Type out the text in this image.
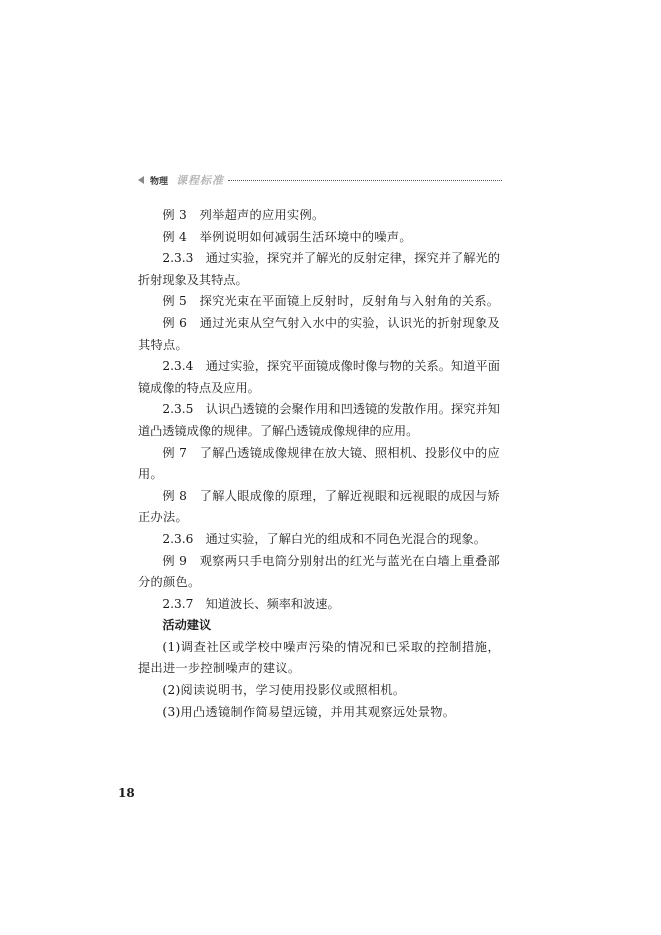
物理 课程标准

例 3　列举超声的应用实例。

例 4　举例说明如何减弱生活环境中的噪声。

2.3.3　通过实验，探究并了解光的反射定律，探究并了解光的折射现象及其特点。

例 5　探究光束在平面镜上反射时，反射角与入射角的关系。

例 6　通过光束从空气射入水中的实验，认识光的折射现象及其特点。

2.3.4　通过实验，探究平面镜成像时像与物的关系。知道平面镜成像的特点及应用。

2.3.5　认识凸透镜的会聚作用和凹透镜的发散作用。探究并知道凸透镜成像的规律。了解凸透镜成像规律的应用。

例 7　了解凸透镜成像规律在放大镜、照相机、投影仪中的应用。

例 8　了解人眼成像的原理，了解近视眼和远视眼的成因与矫正办法。

2.3.6　通过实验，了解白光的组成和不同色光混合的现象。

例 9　观察两只手电筒分别射出的红光与蓝光在白墙上重叠部分的颜色。

2.3.7　知道波长、频率和波速。

活动建议

(1)调查社区或学校中噪声污染的情况和已采取的控制措施，提出进一步控制噪声的建议。

(2)阅读说明书，学习使用投影仪或照相机。

(3)用凸透镜制作简易望远镜，并用其观察远处景物。

18
